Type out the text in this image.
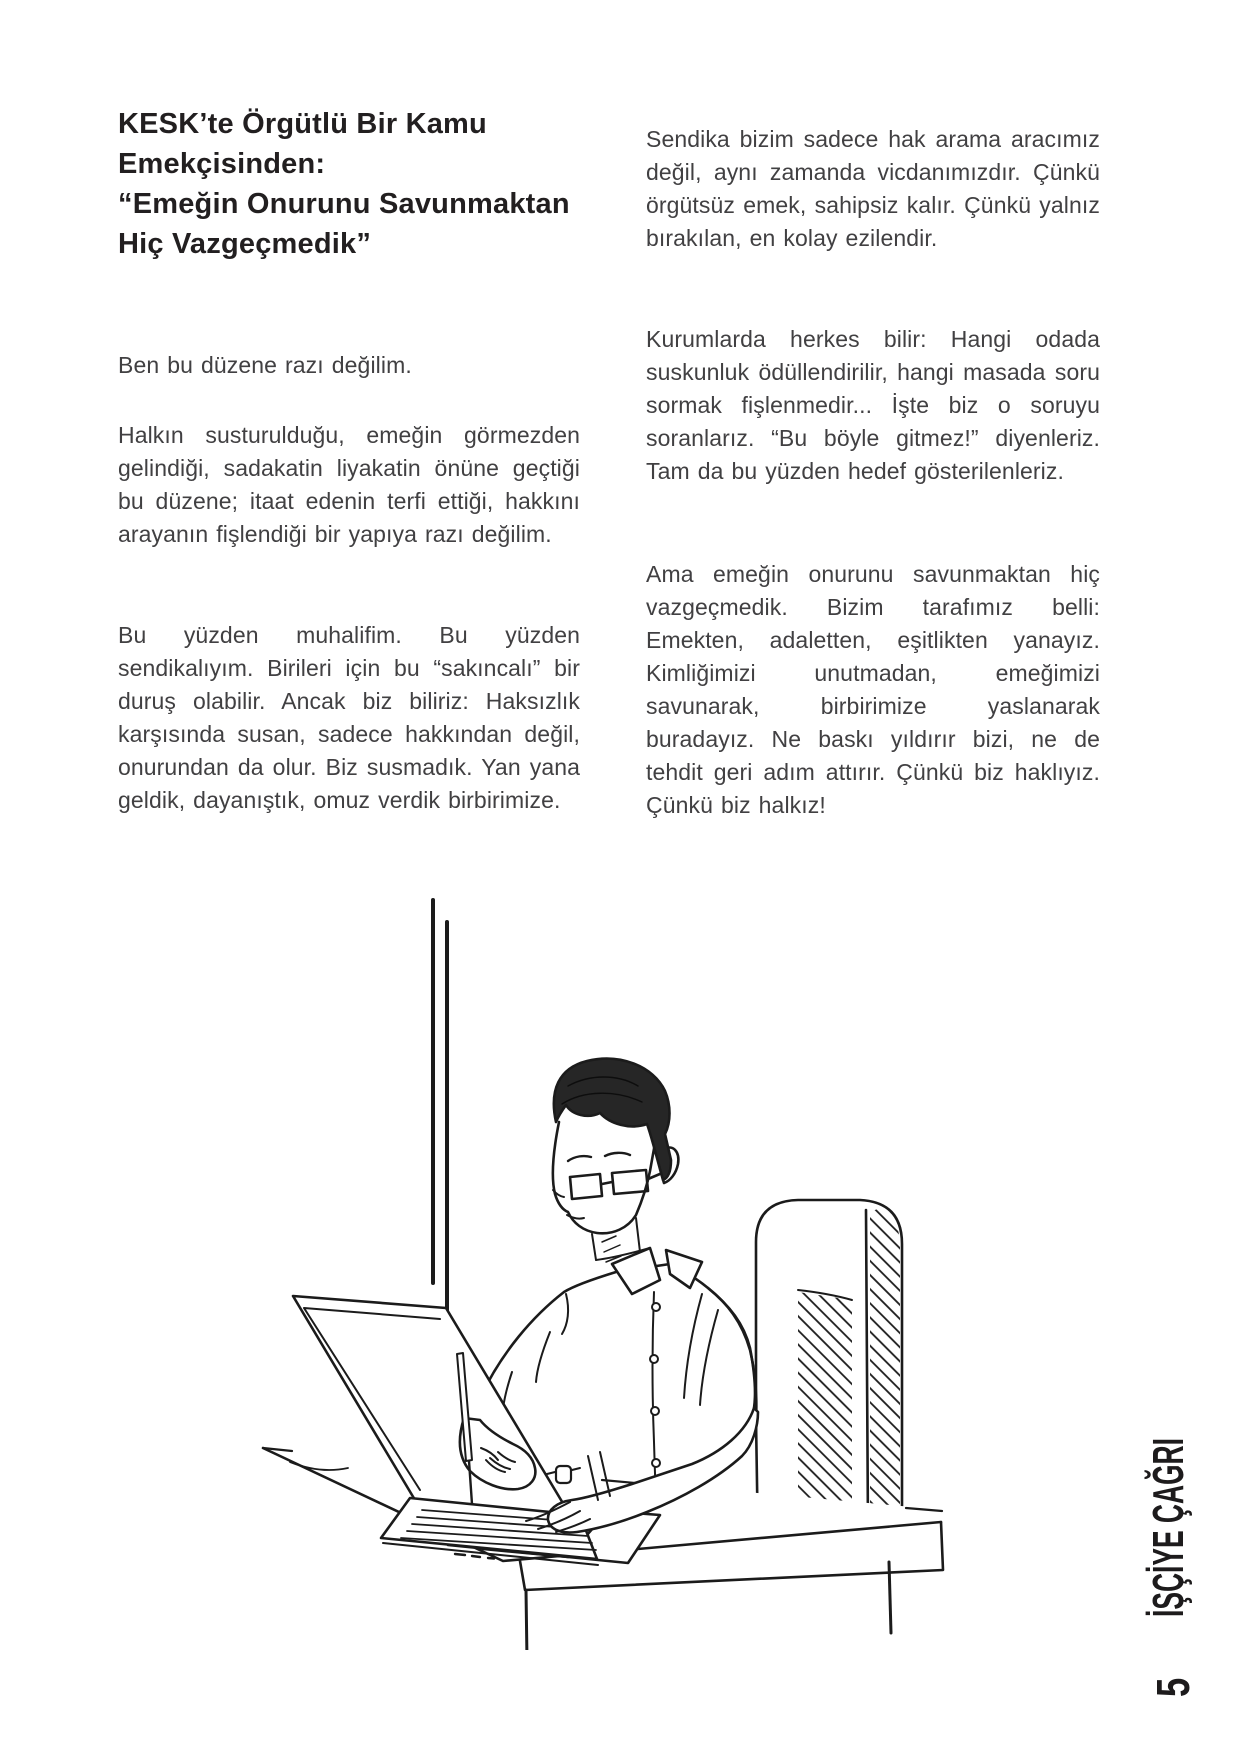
KESK’te Örgütlü Bir Kamu
Emekçisinden:
“Emeğin Onurunu Savunmaktan
Hiç Vazgeçmedik”

Ben bu düzene razı değilim.

Halkın susturulduğu, emeğin görmezden gelindiği, sadakatin liyakatin önüne geçtiği bu düzene; itaat edenin terfi ettiği, hakkını arayanın fişlendiği bir yapıya razı değilim.

Bu yüzden muhalifim. Bu yüzden sendikalıyım. Birileri için bu “sakıncalı” bir duruş olabilir. Ancak biz biliriz: Haksızlık karşısında susan, sadece hakkından değil, onurundan da olur. Biz susmadık. Yan yana geldik, dayanıştık, omuz verdik birbirimize.

Sendika bizim sadece hak arama aracımız değil, aynı zamanda vicdanımızdır. Çünkü örgütsüz emek, sahipsiz kalır. Çünkü yalnız bırakılan, en kolay ezilendir.

Kurumlarda herkes bilir: Hangi odada suskunluk ödüllendirilir, hangi masada soru sormak fişlenmedir... İşte biz o soruyu soranlarız. “Bu böyle gitmez!” diyenleriz. Tam da bu yüzden hedef gösterilenleriz.

Ama emeğin onurunu savunmaktan hiç vazgeçmedik. Bizim tarafımız belli: Emekten, adaletten, eşitlikten yanayız. Kimliğimizi unutmadan, emeğimizi savunarak, birbirimize yaslanarak buradayız. Ne baskı yıldırır bizi, ne de tehdit geri adım attırır. Çünkü biz haklıyız. Çünkü biz halkız!

İŞÇİYE ÇAĞRI
5
